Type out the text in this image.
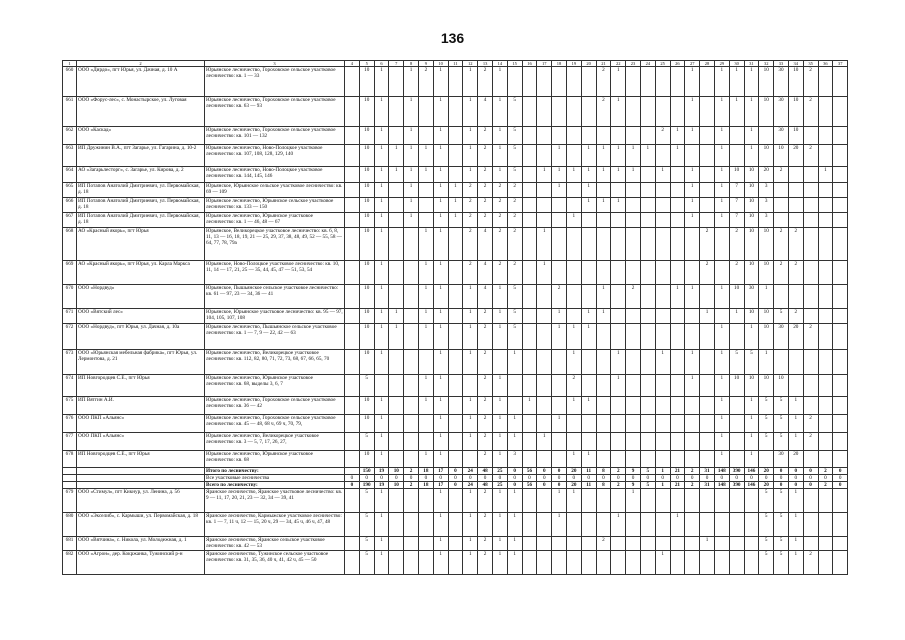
136
1	2	3	4	5	6	7	8	9	10	11	12	13	14	15	16	17	18	19	20	21	22	23	24	25	26	27	28	29	30	31	32	33	34	35	36	37
660	ООО «Дирдо», пгт Юрья, ул. Дачная, д. 10 А	Юрьянское лесничество, Гороховское сельское участковое лесничество: кв. 1 — 33		10	1		1	2	1		1	2	1							2	1					1		1	1	1	10	30	10	2		
661	ООО «Форус-лес», с. Монастырское, ул. Луговая	Юрьянское лесничество, Гороховское сельское участковое лесничество: кв. 63 — 93		10	1		1		1		1	4	1	5						2	1					1		1	1	1	10	30	10	2		
662	ООО «Каскад»	Юрьянское лесничество, Гороховское сельское участковое лесничество: кв. 101 — 132		10	1		1		1		1	2	1	5										2	1	1		1		1		30	10			
663	ИП Дружинин В.А., пгт Загарье, ул. Гагарина, д. 10-2	Юрьянское лесничество, Ново-Полоцкое участковое лесничество: кв. 107, 108, 128, 129, 140		10	1	1	1	1	1		1	2	1	5			1		1	1	1	1	1		1			1		1	10	10	20	2		
664	АО «Загарьлесторг», с. Загарье, ул. Кирова, д. 2	Юрьянское лесничество, Ново-Полоцкое участковое лесничество: кв. 144, 145, 146		10	1	1	1	1	1		1	2	1	5		1	1	1	1	1	1	1		1		1		1	10	10	20	2			1	
665	ИП Потапов Анатолий Дмитриевич, ул. Первомайская, д. 18	Юрьянское, Юрьянское сельское участковое лесничество: кв. 69 — 109		10	1		1		1	1	2	2	2	2			1		1							1		1	7	10	3					
666	ИП Потапов Анатолий Дмитриевич, ул. Первомайская, д. 18	Юрьянское лесничество, Юрьянское сельское участковое лесничество: кв. 133 — 150		10	1		1		1	1	2	2	2	2					1	1	1					1		1	7	10	3					
667	ИП Потапов Анатолий Дмитриевич, ул. Первомайская, д. 18	Юрьянское лесничество, Юрьянское участковое лесничество: кв. 1 — 46, 48 — 67		10	1		1		1	1	2	2	2	2				1								1		1	7	10	3					
668	АО «Красный якорь», пгт Юрья	Юрьянское, Великорецкое участковое лесничество: кв. 6, 8, 11, 13 — 16, 18, 19, 21 — 25, 29, 37, 38, 48, 49, 52 — 55, 58 — 64, 77, 78, 79а		10	1			1	1		2	4	2	2		1											2		2	10	10	2	2			
669	АО «Красный якорь», пгт Юрья, ул. Карла Маркса	Юрьянское, Ново-Полоцкое участковое лесничество: кв. 10, 11, 14 — 17, 21, 25 — 35, 44, 45, 47 — 51, 53, 54		10	1			1	1		2	4	2	2		1											2		2	10	10	2	2			
670	ООО «Нордвуд»	Юрьянское, Пышьянское сельское участковое лесничество: кв. 61 — 97, 23 — 34, 36 — 41		10	1			1	1		1	4	1	5			2			1		2			1	1		1	10	30	1					
671	ООО «Вятский лес»	Юрьянское, Юрьянское участковое лесничество: кв. 95 — 97, 104, 105, 107, 108		10	1	1		1	1		1	2	1	5			1		1	1							1		1	10	10	5	2			
672	ООО «Нордвуд», пгт Юрья, ул. Дачная, д. 10а	Юрьянское лесничество, Пышьянское сельское участковое лесничество: кв. 1 — 7, 9 — 22, 42 — 63		10	1	1		1	1		1	2	1	5			1	1	1									1		1	10	30	20	2		
673	ООО «Юрьянская мебельная фабрика», пгт Юрья, ул. Лермонтова, д. 21	Юрьянское лесничество, Великорецкое участковое лесничество: кв. 112, 82, 80, 71, 72, 73, 68, 67, 66, 65, 70		10	1				1		1	2		1				1			1			1		1		1	5	5	1					
674	ИП Новгородцев С.Е., пгт Юрья	Юрьянское лесничество, Юрьянское участковое лесничество: кв. 68, выделы 3, 6, 7		5				1	1			2	1					2			1					1		1	10	10	10	10				
675	ИП Вятгин А.И.	Юрьянское лесничество, Гороховское сельское участковое лесничество: кв. 36 — 42		10	1			1	1		1	2	1		1			1	1									1		1	5	5	1			
676	ООО ПКП «Альянс»	Юрьянское лесничество, Гороховское сельское участковое лесничество: кв. 45 — 48, 68 ч, 69 ч, 70, 79,		10	1				1		1	2	1	1			1											1		1	5	5	1	2		
677	ООО ПКП «Альянс»	Юрьянское лесничество, Великорецкое участковое лесничество: кв. 3 — 5, 7, 17, 26, 27,		5	1				1		1	2	1	1		1												1		1	5	5	1	2		
678	ИП Новгородцев С.Е., пгт Юрья	Юрьянское лесничество, Юрьянское участковое лесничество: кв. 68		10	1			1	1			2	1	3				1	1									1		1		30	20			
		Итого по лесничеству:		150	19	10	2	18	17	0	24	48	25	0	56	0	0	20	11	8	2	9	5	1	21	2	31	148	390	146	20	0	0	0	2	0
		Все участковые лесничества	0	0	0	0	0	0	0	0	0	0	0	0	0	0	0	0	0	0	0	0	0	0	0	0	0	0	0	0	0	0	0	0	0	0
		Всего по лесничеству:	0	190	19	10	2	18	17	0	24	48	25	0	56	0	0	20	11	8	2	9	5	1	21	2	31	148	390	146	20	0	0	0	2	0
679	ООО «Стимул», пгт Кикнур, ул. Ленина, д. 56	Яранское лесничество, Яранское участковое лесничество: кв. 9 — 11, 17, 20, 21, 23 — 32, 34 — 39, 41		5	1				1		1	2	1	1			1	1				1									5	5	1			
680	ООО «Экселиб», с. Кармыши, ул. Первомайская, д. 18	Яранское лесничество, Кармыжское участковое лесничество: кв. 1 — 7, 11 ч, 12 — 15, 20 ч, 29 — 34, 45 ч, 46 ч, 47, 48		5	1				1		1	2	1	1			1				1				1						5	5	1			
681	ООО «Вятчина», с. Никола, ул. Молодежная, д. 1	Яранское лесничество, Яранское сельское участковое лесничество: кв. 42 — 53		5	1				1		1	2	1	1						2							1				5	5	1			
682	ООО «Агрон», дер. Кокржанка, Тужинский р-н	Яранское лесничество, Тужинское сельское участковое лесничество: кв. 31, 35, 36, 40 ч, 41, 42 ч, 45 — 50		5	1				1		1	2	1	1										1							5	5	1	2		
